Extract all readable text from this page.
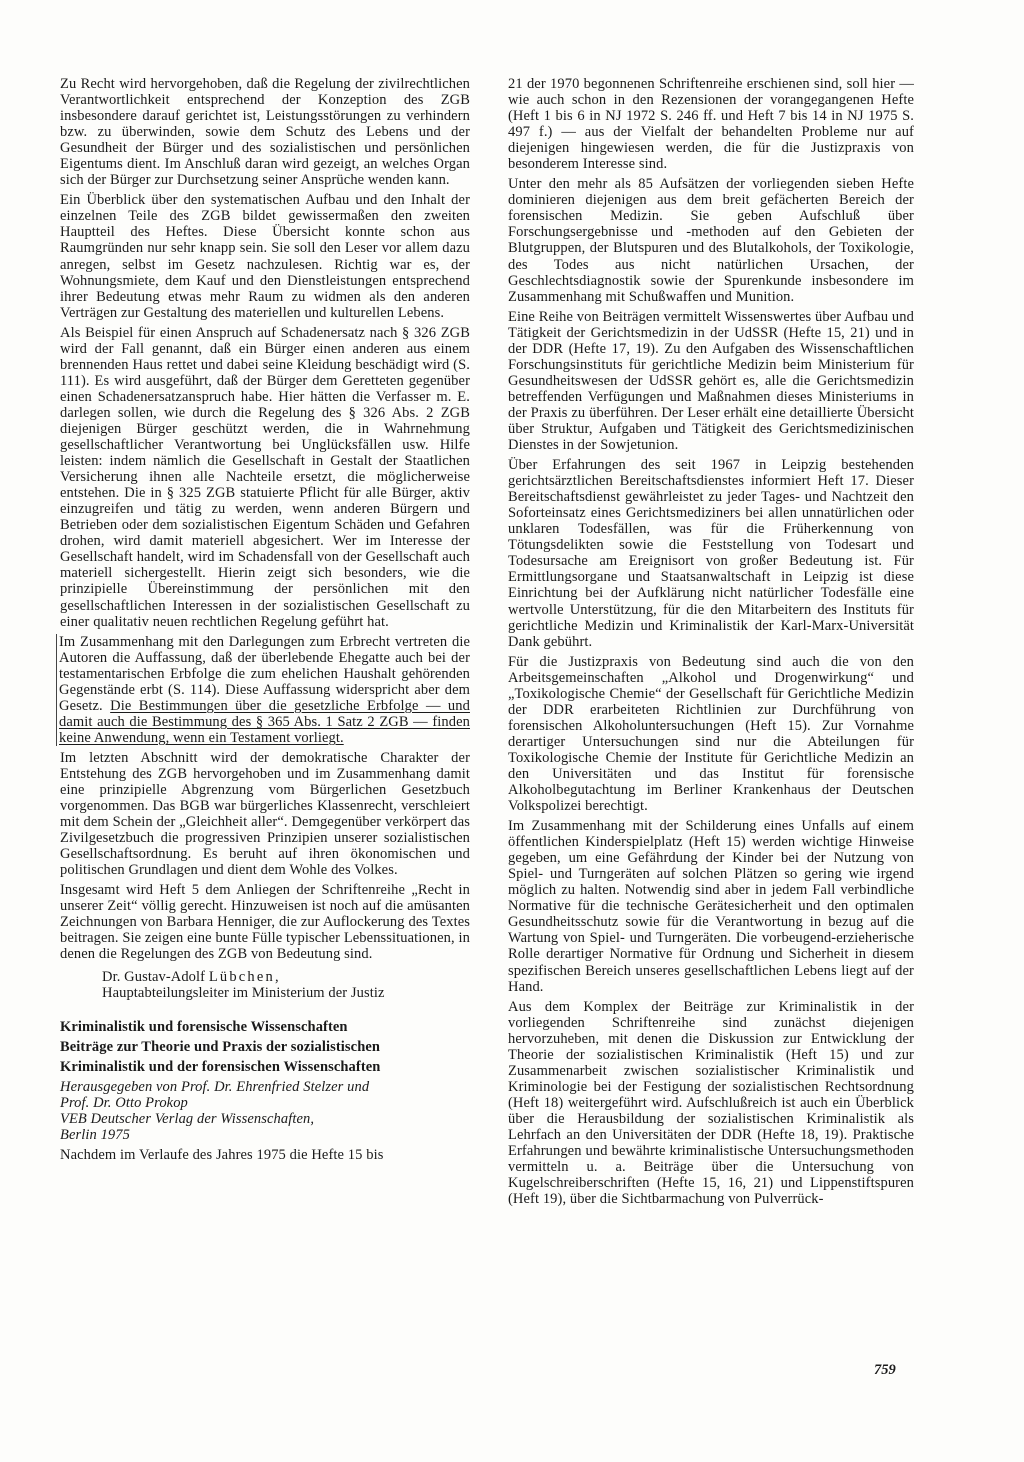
Zu Recht wird hervorgehoben, daß die Regelung der zivilrechtlichen Verantwortlichkeit entsprechend der Konzeption des ZGB insbesondere darauf gerichtet ist, Leistungsstörungen zu verhindern bzw. zu überwinden, sowie dem Schutz des Lebens und der Gesundheit der Bürger und des sozialistischen und persönlichen Eigentums dient. Im Anschluß daran wird gezeigt, an welches Organ sich der Bürger zur Durchsetzung seiner Ansprüche wenden kann.

Ein Überblick über den systematischen Aufbau und den Inhalt der einzelnen Teile des ZGB bildet gewissermaßen den zweiten Hauptteil des Heftes. Diese Übersicht konnte schon aus Raumgründen nur sehr knapp sein. Sie soll den Leser vor allem dazu anregen, selbst im Gesetz nachzulesen. Richtig war es, der Wohnungsmiete, dem Kauf und den Dienstleistungen entsprechend ihrer Bedeutung etwas mehr Raum zu widmen als den anderen Verträgen zur Gestaltung des materiellen und kulturellen Lebens.

Als Beispiel für einen Anspruch auf Schadenersatz nach § 326 ZGB wird der Fall genannt, daß ein Bürger einen anderen aus einem brennenden Haus rettet und dabei seine Kleidung beschädigt wird (S. 111). Es wird ausgeführt, daß der Bürger dem Geretteten gegenüber einen Schadenersatzanspruch habe. Hier hätten die Verfasser m. E. darlegen sollen, wie durch die Regelung des § 326 Abs. 2 ZGB diejenigen Bürger geschützt werden, die in Wahrnehmung gesellschaftlicher Verantwortung bei Unglücksfällen usw. Hilfe leisten: indem nämlich die Gesellschaft in Gestalt der Staatlichen Versicherung ihnen alle Nachteile ersetzt, die möglicherweise entstehen. Die in § 325 ZGB statuierte Pflicht für alle Bürger, aktiv einzugreifen und tätig zu werden, wenn anderen Bürgern und Betrieben oder dem sozialistischen Eigentum Schäden und Gefahren drohen, wird damit materiell abgesichert. Wer im Interesse der Gesellschaft handelt, wird im Schadensfall von der Gesellschaft auch materiell sichergestellt. Hierin zeigt sich besonders, wie die prinzipielle Übereinstimmung der persönlichen mit den gesellschaftlichen Interessen in der sozialistischen Gesellschaft zu einer qualitativ neuen rechtlichen Regelung geführt hat.

Im Zusammenhang mit den Darlegungen zum Erbrecht vertreten die Autoren die Auffassung, daß der überlebende Ehegatte auch bei der testamentarischen Erbfolge die zum ehelichen Haushalt gehörenden Gegenstände erbt (S. 114). Diese Auffassung widerspricht aber dem Gesetz. Die Bestimmungen über die gesetzliche Erbfolge — und damit auch die Bestimmung des § 365 Abs. 1 Satz 2 ZGB — finden keine Anwendung, wenn ein Testament vorliegt.

Im letzten Abschnitt wird der demokratische Charakter der Entstehung des ZGB hervorgehoben und im Zusammenhang damit eine prinzipielle Abgrenzung vom Bürgerlichen Gesetzbuch vorgenommen. Das BGB war bürgerliches Klassenrecht, verschleiert mit dem Schein der „Gleichheit aller“. Demgegenüber verkörpert das Zivilgesetzbuch die progressiven Prinzipien unserer sozialistischen Gesellschaftsordnung. Es beruht auf ihren ökonomischen und politischen Grundlagen und dient dem Wohle des Volkes.

Insgesamt wird Heft 5 dem Anliegen der Schriftenreihe „Recht in unserer Zeit“ völlig gerecht. Hinzuweisen ist noch auf die amüsanten Zeichnungen von Barbara Henniger, die zur Auflockerung des Textes beitragen. Sie zeigen eine bunte Fülle typischer Lebenssituationen, in denen die Regelungen des ZGB von Bedeutung sind.

Dr. Gustav-Adolf Lübchen,
Hauptabteilungsleiter im Ministerium der Justiz

Kriminalistik und forensische Wissenschaften

Beiträge zur Theorie und Praxis der sozialistischen

Kriminalistik und der forensischen Wissenschaften

Herausgegeben von Prof. Dr. Ehrenfried Stelzer und
Prof. Dr. Otto Prokop
VEB Deutscher Verlag der Wissenschaften,
Berlin 1975

Nachdem im Verlaufe des Jahres 1975 die Hefte 15 bis

21 der 1970 begonnenen Schriftenreihe erschienen sind, soll hier — wie auch schon in den Rezensionen der vorangegangenen Hefte (Heft 1 bis 6 in NJ 1972 S. 246 ff. und Heft 7 bis 14 in NJ 1975 S. 497 f.) — aus der Vielfalt der behandelten Probleme nur auf diejenigen hingewiesen werden, die für die Justizpraxis von besonderem Interesse sind.

Unter den mehr als 85 Aufsätzen der vorliegenden sieben Hefte dominieren diejenigen aus dem breit gefächerten Bereich der forensischen Medizin. Sie geben Aufschluß über Forschungsergebnisse und -methoden auf den Gebieten der Blutgruppen, der Blutspuren und des Blutalkohols, der Toxikologie, des Todes aus nicht natürlichen Ursachen, der Geschlechtsdiagnostik sowie der Spurenkunde insbesondere im Zusammenhang mit Schußwaffen und Munition.

Eine Reihe von Beiträgen vermittelt Wissenswertes über Aufbau und Tätigkeit der Gerichtsmedizin in der UdSSR (Hefte 15, 21) und in der DDR (Hefte 17, 19). Zu den Aufgaben des Wissenschaftlichen Forschungsinstituts für gerichtliche Medizin beim Ministerium für Gesundheitswesen der UdSSR gehört es, alle die Gerichtsmedizin betreffenden Verfügungen und Maßnahmen dieses Ministeriums in der Praxis zu überführen. Der Leser erhält eine detaillierte Übersicht über Struktur, Aufgaben und Tätigkeit des Gerichtsmedizinischen Dienstes in der Sowjetunion.

Über Erfahrungen des seit 1967 in Leipzig bestehenden gerichtsärztlichen Bereitschaftsdienstes informiert Heft 17. Dieser Bereitschaftsdienst gewährleistet zu jeder Tages- und Nachtzeit den Soforteinsatz eines Gerichtsmediziners bei allen unnatürlichen oder unklaren Todesfällen, was für die Früherkennung von Tötungsdelikten sowie die Feststellung von Todesart und Todesursache am Ereignisort von großer Bedeutung ist. Für Ermittlungsorgane und Staatsanwaltschaft in Leipzig ist diese Einrichtung bei der Aufklärung nicht natürlicher Todesfälle eine wertvolle Unterstützung, für die den Mitarbeitern des Instituts für gerichtliche Medizin und Kriminalistik der Karl-Marx-Universität Dank gebührt.

Für die Justizpraxis von Bedeutung sind auch die von den Arbeitsgemeinschaften „Alkohol und Drogenwirkung“ und „Toxikologische Chemie“ der Gesellschaft für Gerichtliche Medizin der DDR erarbeiteten Richtlinien zur Durchführung von forensischen Alkoholuntersuchungen (Heft 15). Zur Vornahme derartiger Untersuchungen sind nur die Abteilungen für Toxikologische Chemie der Institute für Gerichtliche Medizin an den Universitäten und das Institut für forensische Alkoholbegutachtung im Berliner Krankenhaus der Deutschen Volkspolizei berechtigt.

Im Zusammenhang mit der Schilderung eines Unfalls auf einem öffentlichen Kinderspielplatz (Heft 15) werden wichtige Hinweise gegeben, um eine Gefährdung der Kinder bei der Nutzung von Spiel- und Turngeräten auf solchen Plätzen so gering wie irgend möglich zu halten. Notwendig sind aber in jedem Fall verbindliche Normative für die technische Gerätesicherheit und den optimalen Gesundheitsschutz sowie für die Verantwortung in bezug auf die Wartung von Spiel- und Turngeräten. Die vorbeugend-erzieherische Rolle derartiger Normative für Ordnung und Sicherheit in diesem spezifischen Bereich unseres gesellschaftlichen Lebens liegt auf der Hand.

Aus dem Komplex der Beiträge zur Kriminalistik in der vorliegenden Schriftenreihe sind zunächst diejenigen hervorzuheben, mit denen die Diskussion zur Entwicklung der Theorie der sozialistischen Kriminalistik (Heft 15) und zur Zusammenarbeit zwischen sozialistischer Kriminalistik und Kriminologie bei der Festigung der sozialistischen Rechtsordnung (Heft 18) weitergeführt wird. Aufschlußreich ist auch ein Überblick über die Herausbildung der sozialistischen Kriminalistik als Lehrfach an den Universitäten der DDR (Hefte 18, 19). Praktische Erfahrungen und bewährte kriminalistische Untersuchungsmethoden vermitteln u. a. Beiträge über die Untersuchung von Kugelschreiberschriften (Hefte 15, 16, 21) und Lippenstiftspuren (Heft 19), über die Sichtbarmachung von Pulverrück-

759
